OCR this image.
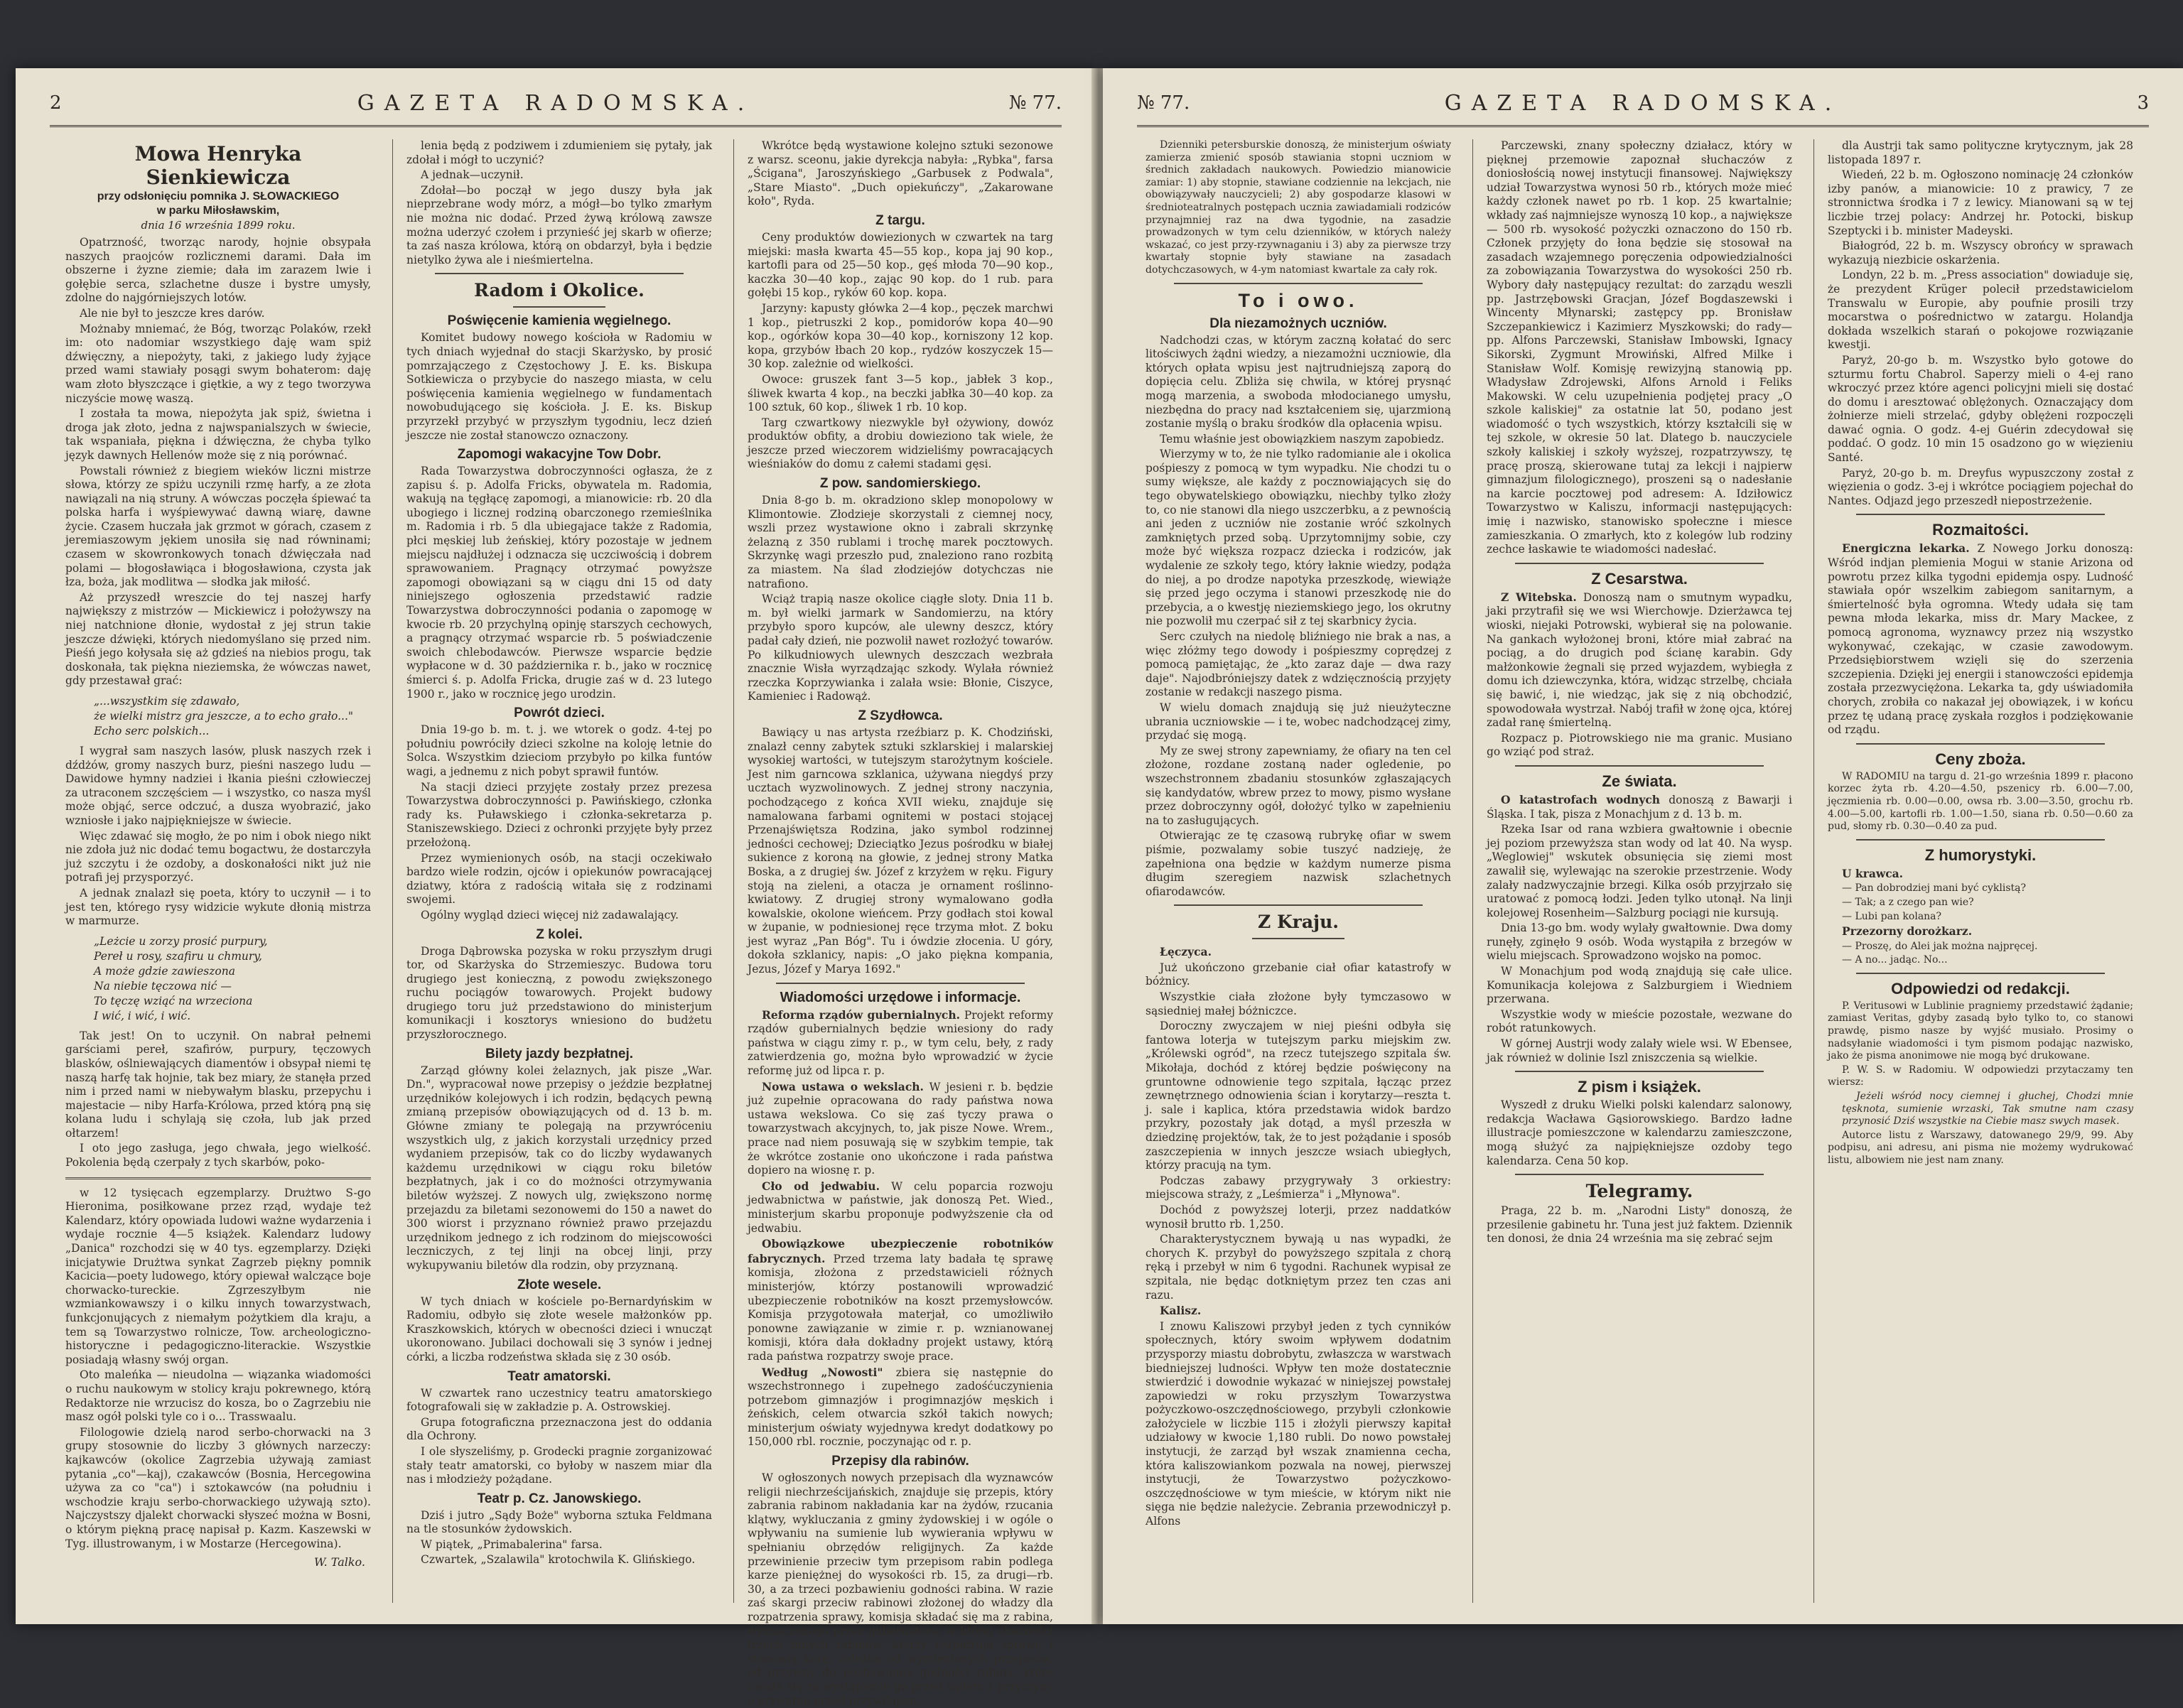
2	GAZETA RADOMSKA.	№ 77.
Mowa Henryka Sienkiewicza
przy odsłonięciu pomnika J. SŁOWACKIEGO
w parku Miłosławskim,
dnia 16 września 1899 roku.

Opatrzność, tworząc narody, hojnie obsypała naszych praojców rozlicznemi darami. Dała im obszerne i żyzne ziemie; dała im zarazem lwie i gołębie serca, szlachetne dusze i bystre umysły, zdolne do najgórniejszych lotów.

Ale nie był to jeszcze kres darów.

Możnaby mniemać, że Bóg, tworząc Polaków, rzekł im: oto nadomiar wszystkiego daję wam spiż dźwięczny, a niepożyty, taki, z jakiego ludy żyjące przed wami stawiały posągi swym bohaterom: daję wam złoto błyszczące i giętkie, a wy z tego tworzywa niczyście mowę waszą.

I została ta mowa, niepożyta jak spiż, świetna i droga jak złoto, jedna z najwspanialszych w świecie, tak wspaniała, piękna i dźwięczna, że chyba tylko język dawnych Hellenów może się z nią porównać.

Powstali również z biegiem wieków liczni mistrze słowa, którzy ze spiżu uczynili rzmę harfy, a ze złota nawiązali na nią struny. A wówczas poczęła śpiewać ta polska harfa i wyśpiewywać dawną wiarę, dawne życie. Czasem huczała jak grzmot w górach, czasem z jeremiaszowym jękiem unosiła się nad równinami; czasem w skowronkowych tonach dźwięczała nad polami — błogosławiąca i błogosławiona, czysta jak łza, boża, jak modlitwa — słodka jak miłość.

Aż przyszedł wreszcie do tej naszej harfy największy z mistrzów — Mickiewicz i położywszy na niej natchnione dłonie, wydostał z jej strun takie jeszcze dźwięki, których niedomyślano się przed nim. Pieśń jego kołysała się aż gdzieś na niebios progu, tak doskonała, tak piękna nieziemska, że wówczas nawet, gdy przestawał grać:

„...wszystkim się zdawało,
że wielki mistrz gra jeszcze, a to echo grało..."
Echo serc polskich...

I wygrał sam naszych lasów, plusk naszych rzek i dźdżów, gromy naszych burz, pieśni naszego ludu — Dawidowe hymny nadziei i łkania pieśni człowieczej za utraconem szczęściem — i wszystko, co nasza myśl może objąć, serce odczuć, a dusza wyobrazić, jako wzniosłe i jako najpiękniejsze w świecie.

Więc zdawać się mogło, że po nim i obok niego nikt nie zdoła już nic dodać temu bogactwu, że dostarczyła już szczytu i że ozdoby, a doskonałości nikt już nie potrafi jej przysporzyć.

A jednak znalazł się poeta, który to uczynił — i to jest ten, którego rysy widzicie wykute dłonią mistrza w marmurze.

„Leżcie u zorzy prosić purpury,
Pereł u rosy, szafiru u chmury,
A może gdzie zawieszona
Na niebie tęczowa nić —
To tęczę wziąć na wrzeciona
I wić, i wić, i wić.

Tak jest! On to uczynił. On nabrał pełnemi garściami pereł, szafirów, purpury, tęczowych blasków, oślniewających diamentów i obsypał niemi tę naszą harfę tak hojnie, tak bez miary, że stanęła przed nim i przed nami w niebywałym blasku, przepychu i majestacie — niby Harfa-Królowa, przed którą pną się kolana ludu i schylają się czoła, lub jak przed ołtarzem!

I oto jego zasługa, jego chwała, jego wielkość. Pokolenia będą czerpały z tych skarbów, poko-

w 12 tysięcach egzemplarzy. Drużtwo S-go Hieronima, posiłkowane przez rząd, wydaje też Kalendarz, który opowiada ludowi ważne wydarzenia i wydaje rocznie 4—5 książek. Kalendarz ludowy „Danica" rozchodzi się w 40 tys. egzemplarzy. Dzięki inicjatywie Drużtwa synkat Zagrzeb piękny pomnik Kacicia—poety ludowego, który opiewał walczące boje chorwacko-tureckie. Zgrzeszyłbym nie wzmiankowawszy i o kilku innych towarzystwach, funkcjonujących z niemałym pożytkiem dla kraju, a tem są Towarzystwo rolnicze, Tow. archeologiczno-historyczne i pedagogiczno-literackie. Wszystkie posiadają własny swój organ.

Oto maleńka — nieudolna — wiązanka wiadomości o ruchu naukowym w stolicy kraju pokrewnego, którą Redaktorze nie wrzucisz do kosza, bo o Zagrzebiu nie masz ogół polski tyle co i o... Trasswaalu.

Filologowie dzielą narod serbo-chorwacki na 3 grupy stosownie do liczby 3 głównych narzeczy: kajkawców (okolice Zagrzebia używają zamiast pytania „co"—kaj), czakawców (Bosnia, Hercegowina używa za co "ca") i sztokawców (na południu i wschodzie kraju serbo-chorwackiego używają szto). Najczystszy djalekt chorwacki słyszeć można w Bosni, o którym piękną pracę napisał p. Kazm. Kaszewski w Tyg. illustrowanym, i w Mostarze (Hercegowina).

W. Talko.

lenia będą z podziwem i zdumieniem się pytały, jak zdołał i mógł to uczynić?

A jednak—uczynił.

Zdołał—bo począł w jego duszy była jak nieprzebrane wody mórz, a mógł—bo tylko zmarłym nie można nic dodać. Przed żywą królową zawsze można uderzyć czołem i przynieść jej skarb w ofierze; ta zaś nasza królowa, którą on obdarzył, była i będzie nietylko żywa ale i nieśmiertelna.

Radom i Okolice.
Poświęcenie kamienia węgielnego.

Komitet budowy nowego kościoła w Radomiu w tych dniach wyjednał do stacji Skarżysko, by prosić pomrzajączego z Częstochowy J. E. ks. Biskupa Sotkiewicza o przybycie do naszego miasta, w celu poświęcenia kamienia węgielnego w fundamentach nowobudującego się kościoła. J. E. ks. Biskup przyrzekł przybyć w przyszłym tygodniu, lecz dzień jeszcze nie został stanowczo oznaczony.

Zapomogi wakacyjne Tow Dobr.

Rada Towarzystwa dobroczynności ogłasza, że z zapisu ś. p. Adolfa Fricks, obywatela m. Radomia, wakują na tęgłącę zapomogi, a mianowicie: rb. 20 dla ubogiego i licznej rodziną obarczonego rzemieślnika m. Radomia i rb. 5 dla ubiegajace także z Radomia, płci męskiej lub żeńskiej, który pozostaje w jednem miejscu najdłużej i odznacza się uczciwością i dobrem sprawowaniem. Pragnący otrzymać powyższe zapomogi obowiązani są w ciągu dni 15 od daty niniejszego ogłoszenia przedstawić radzie Towarzystwa dobroczynności podania o zapomogę w kwocie rb. 20 przychylną opinję starszych cechowych, a pragnący otrzymać wsparcie rb. 5 poświadczenie swoich chlebodawców. Pierwsze wsparcie będzie wypłacone w d. 30 października r. b., jako w rocznicę śmierci ś. p. Adolfa Fricka, drugie zaś w d. 23 lutego 1900 r., jako w rocznicę jego urodzin.

Powrót dzieci.

Dnia 19-go b. m. t. j. we wtorek o godz. 4-tej po południu powróciły dzieci szkolne na koloję letnie do Solca. Wszystkim dzieciom przybyło po kilka funtów wagi, a jednemu z nich pobyt sprawił funtów.

Na stacji dzieci przyjęte zostały przez prezesa Towarzystwa dobroczynności p. Pawińskiego, członka rady ks. Puławskiego i członka-sekretarza p. Staniszewskiego. Dzieci z ochronki przyjęte były przez przełożoną.

Przez wymienionych osób, na stacji oczekiwało bardzo wiele rodzin, ojców i opiekunów powracającej dziatwy, która z radością witała się z rodzinami swojemi.

Ogólny wygląd dzieci więcej niż zadawalający.

Z kolei.

Droga Dąbrowska pozyska w roku przyszłym drugi tor, od Skarżyska do Strzemieszyc. Budowa toru drugiego jest konieczną, z powodu zwiększonego ruchu pociągów towarowych. Projekt budowy drugiego toru już przedstawiono do ministerjum komunikacji i kosztorys wniesiono do budżetu przyszłorocznego.

Bilety jazdy bezpłatnej.

Zarząd główny kolei żelaznych, jak pisze „War. Dn.", wypracował nowe przepisy o jeździe bezpłatnej urzędników kolejowych i ich rodzin, będących pewną zmianą przepisów obowiązujących od d. 13 b. m. Główne zmiany te polegają na przywróceniu wszystkich ulg, z jakich korzystali urzędnicy przed wydaniem przepisów, tak co do liczby wydawanych każdemu urzędnikowi w ciągu roku biletów bezpłatnych, jak i co do możności otrzymywania biletów wyższej. Z nowych ulg, zwiększono normę przejazdu za biletami sezonowemi do 150 a nawet do 300 wiorst i przyznano również prawo przejazdu urzędnikom jednego z ich rodzinom do miejscowości leczniczych, z tej linji na obcej linji, przy wykupywaniu biletów dla rodzin, oby przyznaną.

Złote wesele.

W tych dniach w kościele po-Bernardyńskim w Radomiu, odbyło się złote wesele małżonków pp. Kraszkowskich, których w obecności dzieci i wnucząt ukoronowano. Jubilaci dochowali się 3 synów i jednej córki, a liczba rodzeństwa składa się z 30 osób.

Teatr amatorski.

W czwartek rano uczestnicy teatru amatorskiego fotografowali się w zakładzie p. A. Ostrowskiej.

Grupa fotograficzna przeznaczona jest do oddania dla Ochrony.

I ole słyszeliśmy, p. Grodecki pragnie zorganizować stały teatr amatorski, co byłoby w naszem miar dla nas i młodzieży pożądane.

Teatr p. Cz. Janowskiego.

Dziś i jutro „Sądy Boże" wyborna sztuka Feldmana na tle stosunków żydowskich.

W piątek, „Primabalerina" farsa.

Czwartek, „Szalawila" krotochwila K. Glińskiego.

Wkrótce będą wystawione kolejno sztuki sezonowe z warsz. sceonu, jakie dyrekcja nabyła: „Rybka", farsa „Ścigana", Jaroszyńskiego „Garbusek z Podwala", „Stare Miasto". „Duch opiekuńczy", „Zakarowane koło", Ryda.

Z targu.

Ceny produktów dowiezionych w czwartek na targ miejski: masła kwarta 45—55 kop., kopa jaj 90 kop., kartofli para od 25—50 kop., gęś młoda 70—90 kop., kaczka 30—40 kop., zając 90 kop. do 1 rub. para gołębi 15 kop., ryków 60 kop. kopa.

Jarzyny: kapusty główka 2—4 kop., pęczek marchwi 1 kop., pietruszki 2 kop., pomidorów kopa 40—90 kop., ogórków kopa 30—40 kop., korniszony 12 kop. kopa, grzybów łbach 20 kop., rydzów koszyczek 15—30 kop. zależnie od wielkości.

Owoce: gruszek fant 3—5 kop., jabłek 3 kop., śliwek kwarta 4 kop., na beczki jabłka 30—40 kop. za 100 sztuk, 60 kop., śliwek 1 rb. 10 kop.

Targ czwartkowy niezwykle był ożywiony, dowóz produktów obfity, a drobiu dowieziono tak wiele, że jeszcze przed wieczorem widzieliśmy powracających wieśniaków do domu z całemi stadami gęsi.

Z pow. sandomierskiego.

Dnia 8-go b. m. okradziono sklep monopolowy w Klimontowie. Złodzieje skorzystali z ciemnej nocy, wszli przez wystawione okno i zabrali skrzynkę żelazną z 350 rublami i trochę marek pocztowych. Skrzynkę wagi przeszło pud, znaleziono rano rozbitą za miastem. Na ślad złodziejów dotychczas nie natrafiono.

Wciąż trapią nasze okolice ciągłe sloty. Dnia 11 b. m. był wielki jarmark w Sandomierzu, na który przybyło sporo kupców, ale ulewny deszcz, który padał cały dzień, nie pozwolił nawet rozłożyć towarów. Po kilkudniowych ulewnych deszczach wezbrała znacznie Wisła wyrządzając szkody. Wylała również rzeczka Koprzywianka i zalała wsie: Błonie, Ciszyce, Kamieniec i Radowąż.

Z Szydłowca.

Bawiący u nas artysta rzeźbiarz p. K. Chodziński, znalazł cenny zabytek sztuki szklarskiej i malarskiej wysokiej wartości, w tutejszym starożytnym kościele. Jest nim garncowa szklanica, używana niegdyś przy ucztach wyzwolinowych. Z jednej strony naczynia, pochodzącego z końca XVII wieku, znajduje się namalowana farbami ognitemi w postaci stojącej Przenajświętsza Rodzina, jako symbol rodzinnej jedności cechowej; Dzieciątko Jezus pośrodku w białej sukience z koroną na głowie, z jednej strony Matka Boska, a z drugiej św. Józef z krzyżem w ręku. Figury stoją na zieleni, a otacza je ornament roślinno-kwiatowy. Z drugiej strony wymalowano godła kowalskie, okolone wieńcem. Przy godłach stoi kowal w żupanie, w podniesionej ręce trzyma młot. Z boku jest wyraz „Pan Bóg". Tu i ówdzie złocenia. U góry, dokoła szklanicy, napis: „O jako pięknа kompania, Jezus, Józef y Marya 1692."

Wiadomości urzędowe i informacje.

Reforma rządów gubernialnych. Projekt reformy rządów gubernialnych będzie wniesiony do rady państwa w ciągu zimy r. p., w tym celu, beły, z rady zatwierdzenia go, można było wprowadzić w życie reformę już od lipca r. p.

Nowa ustawa o wekslach. W jesieni r. b. będzie już zupełnie opracowana do rady państwa nowa ustawa wekslowa. Co się zaś tyczy prawa o towarzystwach akcyjnych, to, jak pisze Nowe. Wrem., prace nad niem posuwają się w szybkim tempie, tak że wkrótce zostanie ono ukończone i rada państwa dopiero na wiosnę r. p.

Cło od jedwabiu. W celu poparcia rozwoju jedwabnictwa w państwie, jak donoszą Pet. Wied., ministerjum skarbu proponuje podwyższenie cła od jedwabiu.

Obowiązkowe ubezpieczenie robotników fabrycznych. Przed trzema laty badała tę sprawę komisja, złożona z przedstawicieli różnych ministerjów, którzy postanowili wprowadzić ubezpieczenie robotników na koszt przemysłowców. Komisja przygotowała materjał, co umożliwiło ponowne zawiązanie w zimie r. p. wznianowanej komisji, która dała dokładny projekt ustawy, którą rada państwa rozpatrzy swoje prace.

Według „Nowosti" zbiera się następnie do wszechstronnego i zupełnego zadośćuczynienia potrzebom gimnazjów i progimnazjów męskich i żeńskich, celem otwarcia szkół takich nowych; ministerjum oświaty wyjednywa kredyt dodatkowy po 150,000 rbl. rocznie, poczynając od r. p.

Przepisy dla rabinów.

W ogłoszonych nowych przepisach dla wyznawców religii niechrześcijańskich, znajduje się przepis, który zabrania rabinom nakładania kar na żydów, rzucania klątwy, wykluczania z gminy żydowskiej i w ogóle o wpływaniu na sumienie lub wywierania wpływu w spełnianiu obrzędów religijnych. Za każde przewinienie przeciw tym przepisom rabin podlega karze pieniężnej do wysokości rb. 15, za drugi—rb. 30, a za trzeci pozbawieniu godności rabina. W razie zaś skargi przeciw rabinowi złożonej do władzy dla rozpatrzenia sprawy, komisja składać się ma z rabina, wyznaczonego przez gubernatora, w której obecności trzech innych rabinów, którzy rozpatrują sprawę i stanowią karę, zależną od wymienionych przepisów, od grzywny do pozbawienia godności rabina, które uważa się za wystąpienie go przed sądem z przyczyny o prywatne przed przywilejem.

№ 77.	GAZETA RADOMSKA.	3

Dzienniki petersburskie donoszą, że ministerjum oświaty zamierza zmienić sposób stawiania stopni uczniom w średnich zakładach naukowych. Powiedzio mianowicie zamiar: 1) aby stopnie, stawiane codziennie na lekcjach, nie obowiązywały nauczycieli; 2) aby gospodarze klasowi w średnioteatralnych postępach ucznia zawiadamiali rodziców przynajmniej raz na dwa tygodnie, na zasadzie prowadzonych w tym celu dzienników, w których należy wskazać, co jest przy-rzywnaganiu i 3) aby za pierwsze trzy kwartały stopnie były stawiane na zasadach dotychczasowych, w 4-ym natomiast kwartale za cały rok.

To i owo.
Dla niezamożnych uczniów.

Nadchodzi czas, w którym zaczną kołatać do serc litościwych żądni wiedzy, a niezamożni uczniowie, dla których opłata wpisu jest najtrudniejszą zaporą do dopięcia celu. Zbliża się chwila, w której prysnąć mogą marzenia, a swoboda młodocianego umysłu, niezbędna do pracy nad kształceniem się, ujarzmioną zostanie myślą o braku środków dla opłacenia wpisu.

Temu właśnie jest obowiązkiem naszym zapobiedz.

Wierzymy w to, że nie tylko radomianie ale i okolica pośpieszy z pomocą w tym wypadku. Nie chodzi tu o sumy większe, ale każdy z pocznowiających się do tego obywatelskiego obowiązku, niechby tylko złoży to, co nie stanowi dla niego uszczerbku, a z pewnością ani jeden z uczniów nie zostanie wróć szkolnych zamkniętych przed sobą. Uprzytomnijmy sobie, czy może być większa rozpacz dziecka i rodziców, jak wydalenie ze szkoły tego, który łaknie wiedzy, podąża do niej, a po drodze napotyka przeszkodę, wiewiąże się przed jego oczyma i stanowi przeszkodę nie do przebycia, a o kwestję nieziemskiego jego, los okrutny nie pozwolił mu czerpać sił z tej skarbnicy życia.

Serc czułych na niedolę bliźniego nie brak a nas, a więc złóżmy tego dowody i pośpieszmy coprędzej z pomocą pamiętając, że „kto zaraz daje — dwa razy daje". Najodbróniejszy datek z wdzięcznością przyjęty zostanie w redakcji naszego pisma.

W wielu domach znajdują się już nieużyteczne ubrania uczniowskie — i te, wobec nadchodzącej zimy, przydać się mogą.

My ze swej strony zapewniamy, że ofiary na ten cel złożone, rozdane zostaną nader ogledenie, po wszechstronnem zbadaniu stosunków zgłaszających się kandydatów, wbrew przez to mowy, pismo wysłane przez dobroczynny ogół, dołożyć tylko w zapełnieniu na to zasługujących.

Otwierając ze tę czasową rubrykę ofiar w swem piśmie, pozwalamy sobie tuszyć nadzieję, że zapełniona ona będzie w każdym numerze pisma długim szeregiem nazwisk szlachetnych ofiarodawców.

Z Kraju.

Łęczyca.

Już ukończono grzebanie ciał ofiar katastrofy w bóżnicy.

Wszystkie ciała złożone były tymczasowo w sąsiedniej małej bóżniczce.

Doroczny zwyczajem w niej pieśni odbyła się fantowa loterja w tutejszym parku miejskim zw. „Królewski ogród", na rzecz tutejszego szpitala św. Mikołaja, dochód z której będzie poświęcony na gruntowne odnowienie tego szpitala, łącząc przez zewnętrznego odnowienia ścian i korytarzy—reszta t. j. sale i kaplica, która przedstawia widok bardzo przykry, pozostały jak dotąd, a myśl przeszła w dziedzinę projektów, tak, że to jest pożądanie i sposób zaszczepienia w innych jeszcze wsiach ubiegłych, którzy pracują na tym.

Podczas zabawy przygrywały 3 orkiestry: miejscowa straży, z „Leśmierza" i „Młynowa".

Dochód z powyższej loterji, przez naddatków wynosił brutto rb. 1,250.

Charakterystycznem bywają u nas wypadki, że chorych K. przybył do powyższego szpitala z chorą ręką i przebył w nim 6 tygodni. Rachunek wypisał ze szpitala, nie będąc dotkniętym przez ten czas ani razu.

Kalisz.

I znowu Kaliszowi przybył jeden z tych cynników społecznych, który swoim wpływem dodatnim przysporzy miastu dobrobytu, zwłaszcza w warstwach biedniejszej ludności. Wpływ ten może dostatecznie stwierdzić i dowodnie wykazać w niniejszej powstałej zapowiedzi w roku przyszłym Towarzystwa pożyczkowo-oszczędnościowego, przybyli członkowie założyciele w liczbie 115 i złożyli pierwszy kapitał udziałowy w kwocie 1,180 rubli. Do nowo powstałej instytucji, że zarząd był wszak znamienna cecha, która kaliszowiankom pozwala na nowej, pierwszej instytucji, że Towarzystwo pożyczkowo-oszczędnościowe w tym mieście, w którym nikt nie sięga nie będzie należycie. Zebrania przewodniczył p. Alfons

Parczewski, znany społeczny działacz, który w pięknej przemowie zapoznał słuchaczów z doniosłością nowej instytucji finansowej. Największy udział Towarzystwa wynosi 50 rb., których może mieć każdy członek nawet po rb. 1 kop. 25 kwartalnie; wkłady zaś najmniejsze wynoszą 10 kop., a największe — 500 rb. wysokość pożyczki oznaczono do 150 rb. Członek przyjęty do łona będzie się stosował na zasadach wzajemnego poręczenia odpowiedzialności za zobowiązania Towarzystwa do wysokości 250 rb. Wybory dały następujący rezultat: do zarządu weszli pp. Jastrzębowski Gracjan, Józef Bogdaszewski i Wincenty Młynarski; zastępcy pp. Bronisław Szczepankiewicz i Kazimierz Myszkowski; do rady—pp. Alfons Parczewski, Stanisław Imbowski, Ignacy Sikorski, Zygmunt Mrowiński, Alfred Milke i Stanisław Wolf. Komisję rewizyjną stanowią pp. Władysław Zdrojewski, Alfons Arnold i Feliks Makowski. W celu uzupełnienia podjętej pracy „O szkole kaliskiej" za ostatnie lat 50, podano jest wiadomość o tych wszystkich, którzy kształcili się w tej szkole, w okresie 50 lat. Dlatego b. nauczyciele szkoły kaliskiej i szkoły wyższej, rozpatrzywszy, tę pracę proszą, skierowane tutaj za lekcji i najpierw gimnazjum filologicznego), proszeni są o nadesłanie na karcie pocztowej pod adresem: A. Idziłowicz Towarzystwo w Kaliszu, informacji następujących: imię i nazwisko, stanowisko społeczne i miesce zamieszkania. O zmarłych, kto z kolegów lub rodziny zechce łaskawie te wiadomości nadesłać.

Z Cesarstwa.

Z Witebska. Donoszą nam o smutnym wypadku, jaki przytrafił się we wsi Wierchowje. Dzierżawca tej wioski, niejaki Potrowski, wybierał się na polowanie. Na gankach wyłożonej broni, które miał zabrać na pociąg, a do drugich pod ścianę karabin. Gdy małżonkowie żegnali się przed wyjazdem, wybiegła z domu ich dziewczynka, która, widząc strzelbę, chciała się bawić, i, nie wiedząc, jak się z nią obchodzić, spowodowała wystrzał. Nabój trafił w żonę ojca, której zadał ranę śmiertelną.

Rozpacz p. Piotrowskiego nie ma granic. Musiano go wziąć pod straż.

Ze świata.

O katastrofach wodnych donoszą z Bawarji i Śląska. I tak, pisza z Monachjum z d. 13 b. m.

Rzeka Isar od rana wzbiera gwałtownie i obecnie jej poziom przewyższa stan wody od lat 40. Na wysp. „Weglowiej" wskutek obsunięcia się ziemi most zawalił się, wylewając na szerokie przestrzenie. Wody zalały nadzwyczajnie brzegi. Kilka osób przyjrzało się uratować z pomocą łodzi. Jeden tylko utonął. Na linji kolejowej Rosenheim—Salzburg pociągi nie kursują.

Dnia 13-go bm. wody wylały gwałtownie. Dwa domy runęły, zginęło 9 osób. Woda wystąpiła z brzegów w wielu miejscach. Sprowadzono wojsko na pomoc.

W Monachjum pod wodą znajdują się całe ulice. Komunikacja kolejowa z Salzburgiem i Wiedniem przerwana.

Wszystkie wody w mieście pozostałe, wezwane do robót ratunkowych.

W górnej Austrji wody zalały wiele wsi. W Ebensee, jak również w dolinie Iszl zniszczenia są wielkie.

Z pism i książek.

Wyszedł z druku Wielki polski kalendarz salonowy, redakcja Wacława Gąsiorowskiego. Bardzo ładne illustracje pomieszczone w kalendarzu zamieszczone, mogą służyć za najpiękniejsze ozdoby tego kalendarza. Cena 50 kop.

Telegramy.

Praga, 22 b. m. „Narodni Listy" donoszą, że przesilenie gabinetu hr. Tuna jest już faktem. Dziennik ten donosi, że dnia 24 września ma się zebrać sejm

dla Austrji tak samo polityczne krytycznym, jak 28 listopada 1897 r.

Wiedeń, 22 b. m. Ogłoszono nominację 24 członków izby panów, a mianowicie: 10 z prawicy, 7 ze stronnictwa środka i 7 z lewicy. Mianowani są w tej liczbie trzej polacy: Andrzej hr. Potocki, biskup Szeptycki i b. minister Madeyski.

Białogród, 22 b. m. Wszyscy obrońcy w sprawach wykazują niezbicie oskarżenia.

Londyn, 22 b. m. „Press association" dowiaduje się, że prezydent Krüger polecił przedstawicielom Transwalu w Europie, aby poufnie prosili trzy mocarstwa o pośrednictwo w zatargu. Holandja dokłada wszelkich starań o pokojowe rozwiązanie kwestji.

Paryż, 20-go b. m. Wszystko było gotowe do szturmu fortu Chabrol. Saperzy mieli o 4-ej rano wkroczyć przez które agenci policyjni mieli się dostać do domu i aresztować oblężonych. Oznaczający dom żołnierze mieli strzelać, gdyby oblężeni rozpoczęli dawać ognia. O godz. 4-ej Guérin zdecydował się poddać. O godz. 10 min 15 osadzono go w więzieniu Santé.

Paryż, 20-go b. m. Dreyfus wypuszczony został z więzienia o godz. 3-ej i wkrótce pociągiem pojechał do Nantes. Odjazd jego przeszedł niepostrzeżenie.

Rozmaitości.

Energiczna lekarka. Z Nowego Jorku donoszą: Wśród indjan plemienia Mogui w stanie Arizona od powrotu przez kilka tygodni epidemja ospy. Ludność stawiała opór wszelkim zabiegom sanitarnym, a śmiertelność była ogromna. Wtedy udała się tam pewna młoda lekarka, miss dr. Mary Mackee, z pomocą agronoma, wyznawcy przez nią wszystko wykonywać, czekając, w czasie zawodowym. Przedsiębiorstwem wzięli się do szerzenia szczepienia. Dzięki jej energii i stanowczości epidemja została przezwyciężona. Lekarka ta, gdy uświadomiła chorych, zrobiła co nakazał jej obowiązek, i w końcu przez tę udaną pracę zyskała rozgłos i podziękowanie od rządu.

Ceny zboża.

W RADOMIU na targu d. 21-go września 1899 r. płacono korzec żyta rb. 4.20—4.50, pszenicy rb. 6.00—7.00, jęczmienia rb. 0.00—0.00, owsa rb. 3.00—3.50, grochu rb. 4.00—5.00, kartofli rb. 1.00—1.50, siana rb. 0.50—0.60 za pud, słomy rb. 0.30—0.40 za pud.

Z humorystyki.

U krawca.

— Pan dobrodziej mani być cyklistą?

— Tak; a z czego pan wie?

— Lubi pan kolana?

Przezorny dorożkarz.

— Proszę, do Alei jak można najpręcej.

— A no... jadąc. No...

Odpowiedzi od redakcji.

P. Veritusowi w Lublinie pragniemy przedstawić żądanie; zamiast Veritas, gdyby zasadą było tylko to, co stanowi prawdę, pismo nasze by wyjść musiało. Prosimy o nadsyłanie wiadomości i tym pismom podając nazwisko, jako że pisma anonimowe nie mogą być drukowane.

P. W. S. w Radomiu. W odpowiedzi przytaczamy ten wiersz:

Jeżeli wśród nocy ciemnej i głuchej, Chodzi mnie tęsknota, sumienie wrzaski, Tak smutne nam czasy przynosić Dziś wszystkie na Ciebie masz swych masek.

Autorce listu z Warszawy, datowanego 29/9, 99. Aby podpisu, ani adresu, ani pisma nie możemy wydrukować listu, albowiem nie jest nam znany.
